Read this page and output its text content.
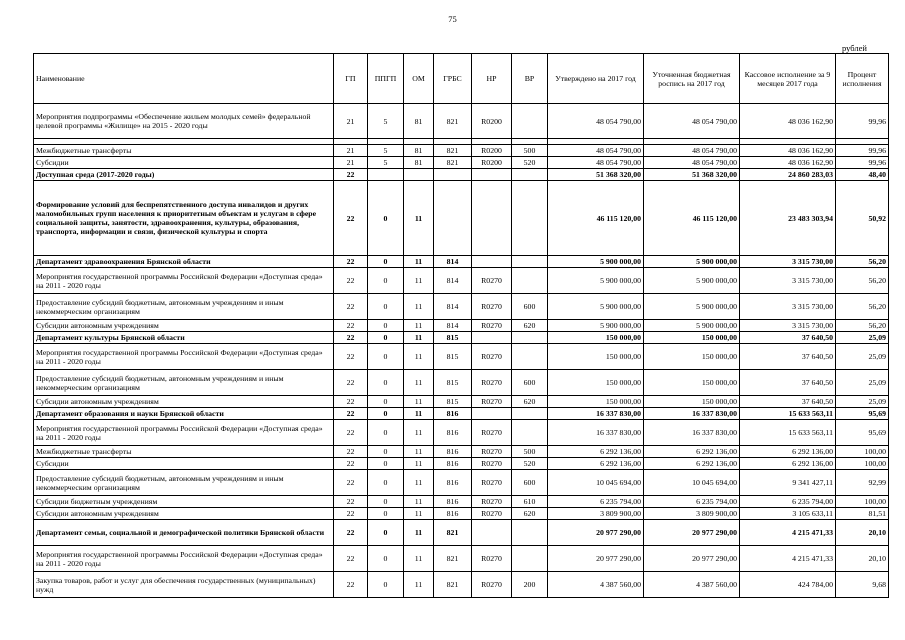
75
рублей
Наименование	ГП	ППГП	ОМ	ГРБС	НР	ВР	Утверждено на 2017 год	Уточненная бюджетная роспись на 2017 год	Кассовое исполнение за 9 месяцев 2017 года	Процент исполнения
Мероприятия подпрограммы «Обеспечение жильем молодых семей» федеральной целевой программы «Жилище» на 2015 - 2020 годы	21	5	81	821	R0200		48 054 790,00	48 054 790,00	48 036 162,90	99,96

Межбюджетные трансферты	21	5	81	821	R0200	500	48 054 790,00	48 054 790,00	48 036 162,90	99,96
Субсидии	21	5	81	821	R0200	520	48 054 790,00	48 054 790,00	48 036 162,90	99,96
Доступная среда (2017-2020 годы)	22						51 368 320,00	51 368 320,00	24 860 283,03	48,40
Формирование условий для беспрепятственного доступа инвалидов и других маломобильных групп населения к приоритетным объектам и услугам в сфере социальной защиты, занятости, здравоохранения, культуры, образования, транспорта, информации и связи, физической культуры и спорта	22	0	11				46 115 120,00	46 115 120,00	23 483 303,94	50,92
Департамент здравоохранения Брянской области	22	0	11	814			5 900 000,00	5 900 000,00	3 315 730,00	56,20
Мероприятия государственной программы Российской Федерации «Доступная среда» на 2011 - 2020 годы	22	0	11	814	R0270		5 900 000,00	5 900 000,00	3 315 730,00	56,20
Предоставление субсидий бюджетным, автономным учреждениям и иным некоммерческим организациям	22	0	11	814	R0270	600	5 900 000,00	5 900 000,00	3 315 730,00	56,20
Субсидии автономным учреждениям	22	0	11	814	R0270	620	5 900 000,00	5 900 000,00	3 315 730,00	56,20
Департамент культуры Брянской области	22	0	11	815			150 000,00	150 000,00	37 640,50	25,09
Мероприятия государственной программы Российской Федерации «Доступная среда» на 2011 - 2020 годы	22	0	11	815	R0270		150 000,00	150 000,00	37 640,50	25,09
Предоставление субсидий бюджетным, автономным учреждениям и иным некоммерческим организациям	22	0	11	815	R0270	600	150 000,00	150 000,00	37 640,50	25,09
Субсидии автономным учреждениям	22	0	11	815	R0270	620	150 000,00	150 000,00	37 640,50	25,09
Департамент образования и науки Брянской области	22	0	11	816			16 337 830,00	16 337 830,00	15 633 563,11	95,69
Мероприятия государственной программы Российской Федерации «Доступная среда» на 2011 - 2020 годы	22	0	11	816	R0270		16 337 830,00	16 337 830,00	15 633 563,11	95,69
Межбюджетные трансферты	22	0	11	816	R0270	500	6 292 136,00	6 292 136,00	6 292 136,00	100,00
Субсидии	22	0	11	816	R0270	520	6 292 136,00	6 292 136,00	6 292 136,00	100,00
Предоставление субсидий бюджетным, автономным учреждениям и иным некоммерческим организациям	22	0	11	816	R0270	600	10 045 694,00	10 045 694,00	9 341 427,11	92,99
Субсидии бюджетным учреждениям	22	0	11	816	R0270	610	6 235 794,00	6 235 794,00	6 235 794,00	100,00
Субсидии автономным учреждениям	22	0	11	816	R0270	620	3 809 900,00	3 809 900,00	3 105 633,11	81,51
Департамент семьи, социальной и демографической политики Брянской области	22	0	11	821			20 977 290,00	20 977 290,00	4 215 471,33	20,10
Мероприятия государственной программы Российской Федерации «Доступная среда» на 2011 - 2020 годы	22	0	11	821	R0270		20 977 290,00	20 977 290,00	4 215 471,33	20,10
Закупка товаров, работ и услуг для обеспечения государственных (муниципальных) нужд	22	0	11	821	R0270	200	4 387 560,00	4 387 560,00	424 784,00	9,68
